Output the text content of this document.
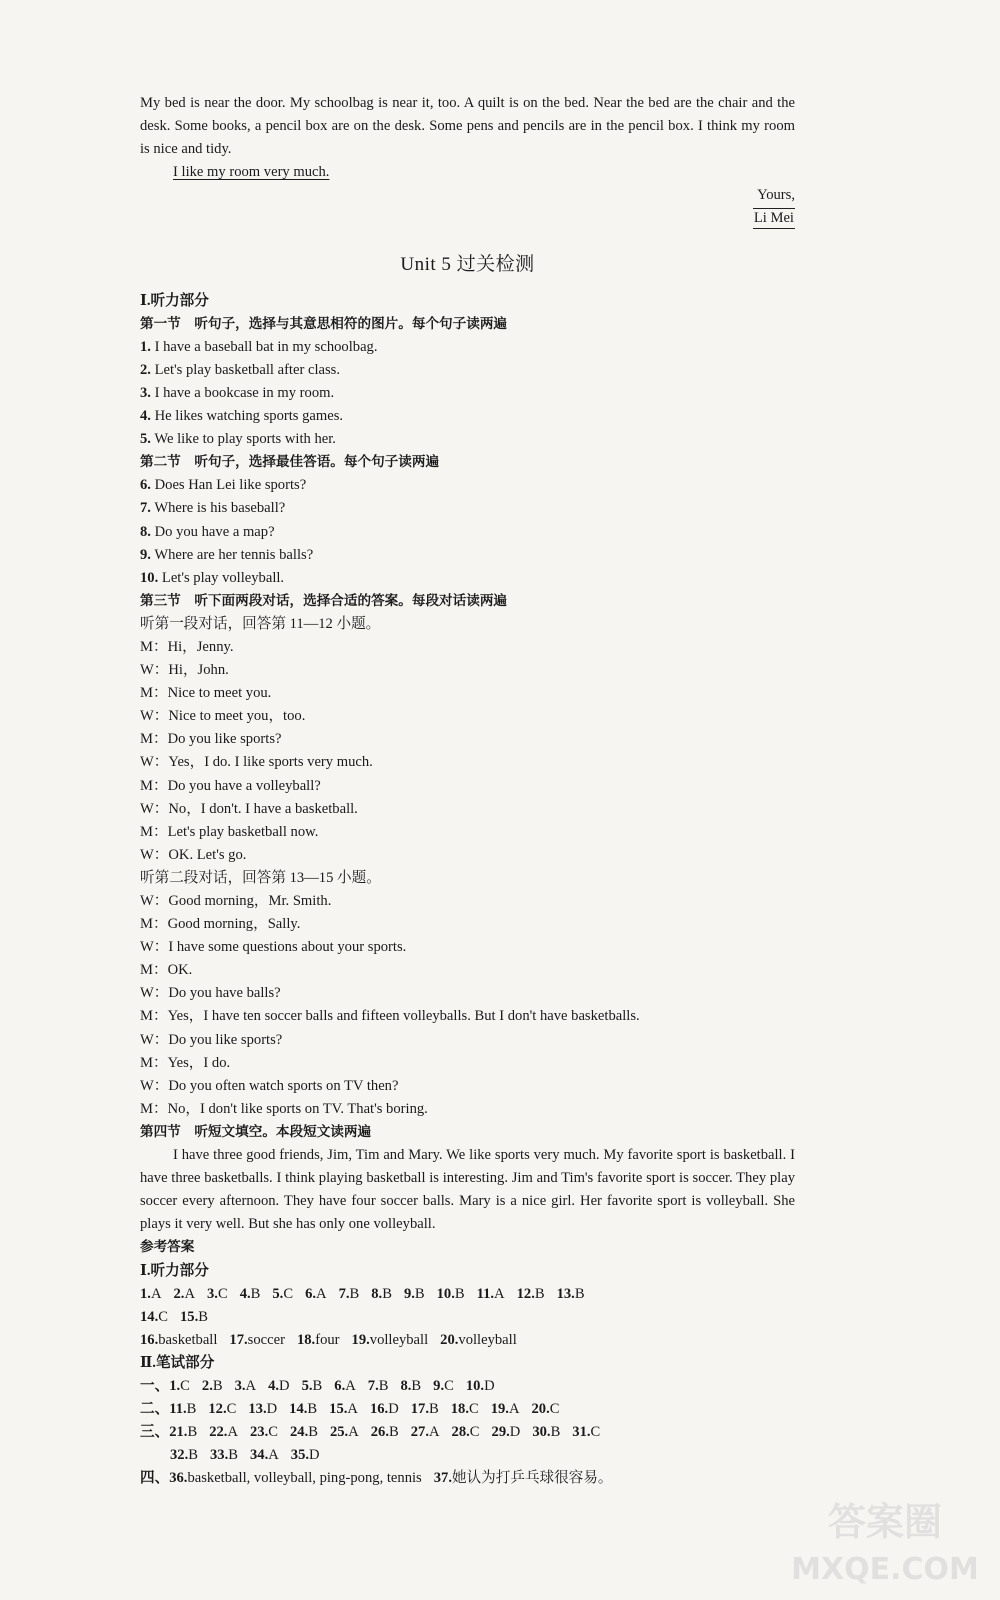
My bed is near the door. My schoolbag is near it, too. A quilt is on the bed. Near the bed are the chair and the desk. Some books, a pencil box are on the desk. Some pens and pencils are in the pencil box. I think my room is nice and tidy.

I like my room very much.

Yours,

Li Mei

Unit 5 过关检测

Ⅰ.听力部分

第一节　听句子，选择与其意思相符的图片。每个句子读两遍

1. I have a baseball bat in my schoolbag.

2. Let's play basketball after class.

3. I have a bookcase in my room.

4. He likes watching sports games.

5. We like to play sports with her.

第二节　听句子，选择最佳答语。每个句子读两遍

6. Does Han Lei like sports?

7. Where is his baseball?

8. Do you have a map?

9. Where are her tennis balls?

10. Let's play volleyball.

第三节　听下面两段对话，选择合适的答案。每段对话读两遍

听第一段对话，回答第 11—12 小题。

M：Hi，Jenny.

W：Hi，John.

M：Nice to meet you.

W：Nice to meet you，too.

M：Do you like sports?

W：Yes，I do. I like sports very much.

M：Do you have a volleyball?

W：No，I don't. I have a basketball.

M：Let's play basketball now.

W：OK. Let's go.

听第二段对话，回答第 13—15 小题。

W：Good morning，Mr. Smith.

M：Good morning，Sally.

W：I have some questions about your sports.

M：OK.

W：Do you have balls?

M：Yes，I have ten soccer balls and fifteen volleyballs. But I don't have basketballs.

W：Do you like sports?

M：Yes，I do.

W：Do you often watch sports on TV then?

M：No，I don't like sports on TV. That's boring.

第四节　听短文填空。本段短文读两遍

I have three good friends, Jim, Tim and Mary. We like sports very much. My favorite sport is basketball. I have three basketballs. I think playing basketball is interesting. Jim and Tim's favorite sport is soccer. They play soccer every afternoon. They have four soccer balls. Mary is a nice girl. Her favorite sport is volleyball. She plays it very well. But she has only one volleyball.

参考答案

Ⅰ.听力部分

1.A 2.A 3.C 4.B 5.C 6.A 7.B 8.B 9.B 10.B 11.A 12.B 13.B

14.C 15.B

16.basketball 17.soccer 18.four 19.volleyball 20.volleyball

Ⅱ.笔试部分

一、1.C 2.B 3.A 4.D 5.B 6.A 7.B 8.B 9.C 10.D

二、11.B 12.C 13.D 14.B 15.A 16.D 17.B 18.C 19.A 20.C

三、21.B 22.A 23.C 24.B 25.A 26.B 27.A 28.C 29.D 30.B 31.C

32.B 33.B 34.A 35.D

四、36.basketball, volleyball, ping-pong, tennis 37.她认为打乒乓球很容易。

答案圈
MXQE.COM
